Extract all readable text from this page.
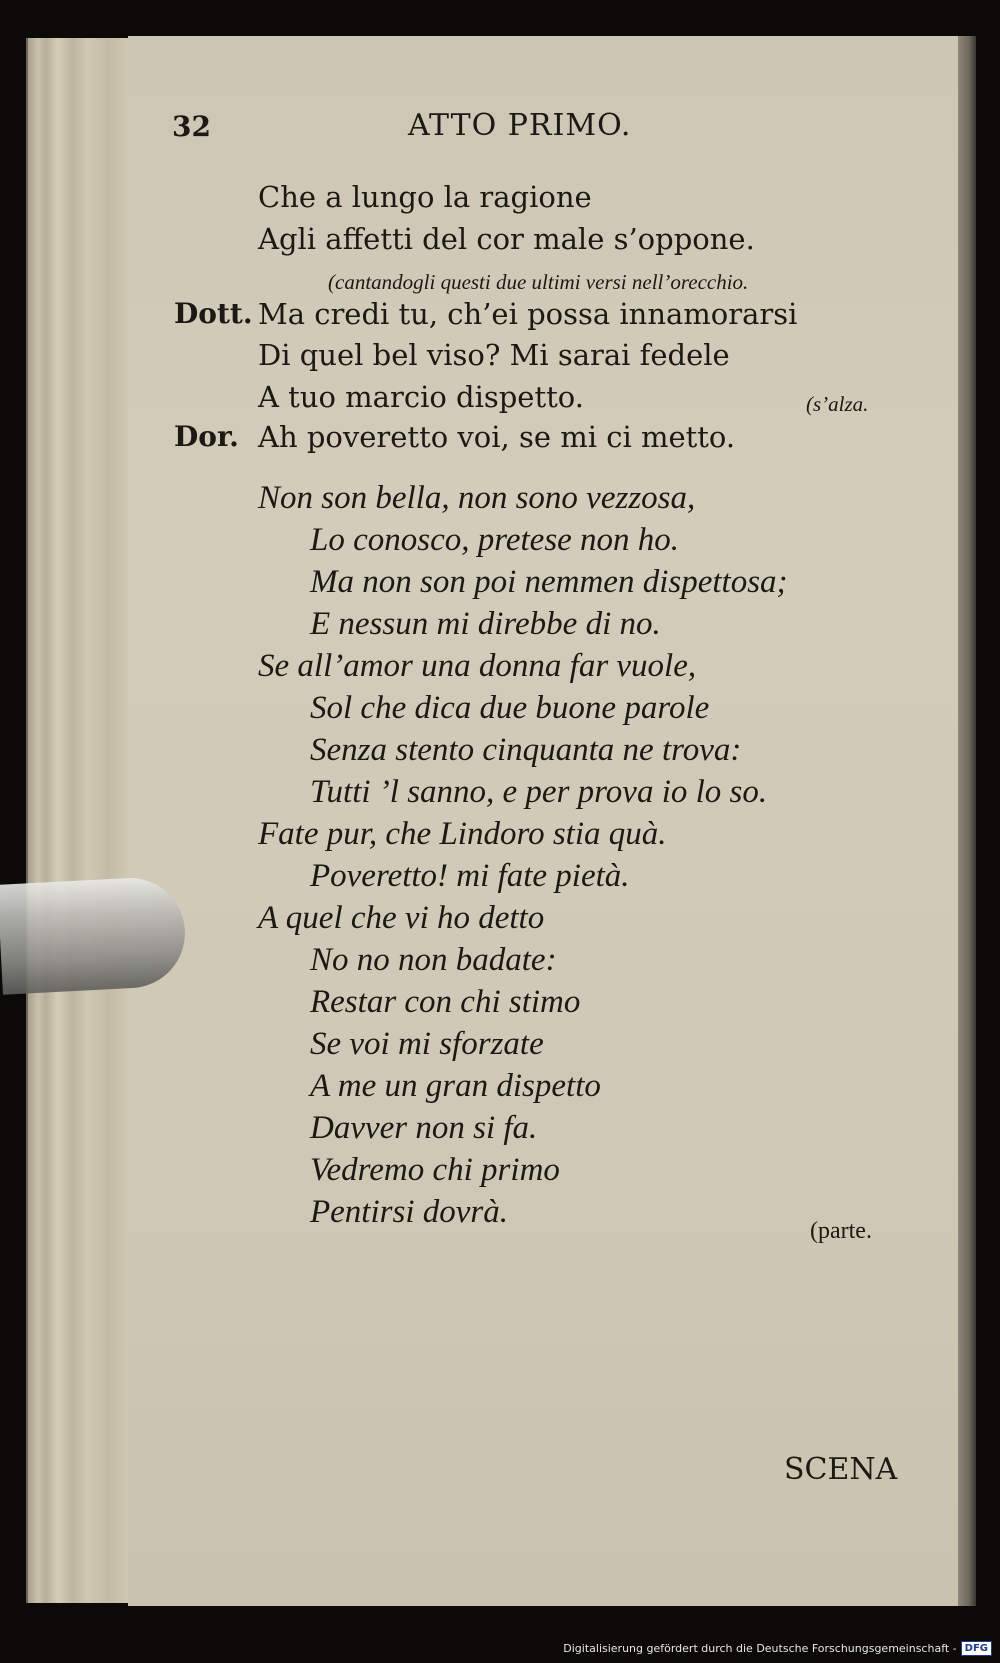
32	ATTO PRIMO.
Che a lungo la ragione
Agli affetti del cor male s’oppone.
(cantandogli questi due ultimi versi nell’orecchio.
Dott. Ma credi tu, ch’ei possa innamorarsi
Di quel bel viso? Mi sarai fedele
A tuo marcio dispetto.	(s’alza.
Dor. Ah poveretto voi, se mi ci metto.
Non son bella, non sono vezzosa,
Lo conosco, pretese non ho.
Ma non son poi nemmen dispettosa;
E nessun mi direbbe di no.
Se all’amor una donna far vuole,
Sol che dica due buone parole
Senza stento cinquanta ne trova:
Tutti ’l sanno, e per prova io lo so.
Fate pur, che Lindoro stia quà.
Poveretto! mi fate pietà.
A quel che vi ho detto
No no non badate:
Restar con chi stimo
Se voi mi sforzate
A me un gran dispetto
Davver non si fa.
Vedremo chi primo
Pentirsi dovrà.
(parte.
SCENA
Digitalisierung gefördert durch die Deutsche Forschungsgemeinschaft - DFG
